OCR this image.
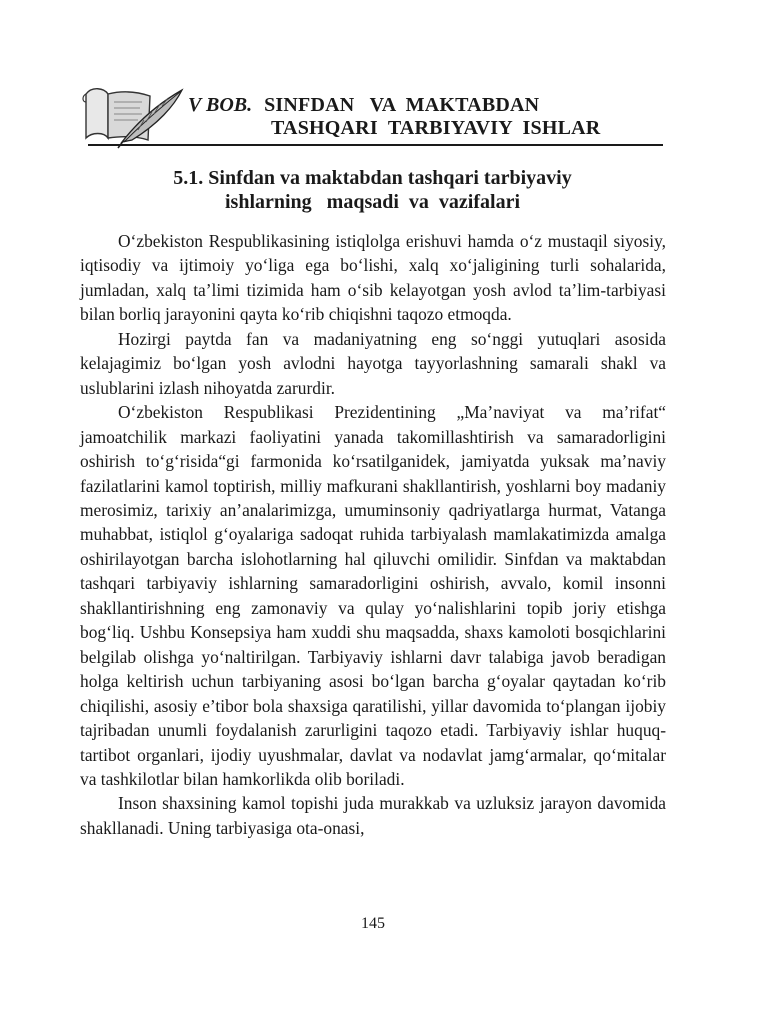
V BOB. SINFDAN   VA  MAKTABDAN
TASHQARI  TARBIYAVIY  ISHLAR
5.1. Sinfdan va maktabdan tashqari tarbiyaviy
ishlarning   maqsadi  va  vazifalari

O‘zbekiston Respublikasining istiqlolga erishuvi hamda o‘z mustaqil siyosiy, iqtisodiy va ijtimoiy yo‘liga ega bo‘lishi, xalq xo‘jaligining turli sohalarida, jumladan, xalq ta’limi tizimida ham o‘sib kelayotgan yosh avlod ta’lim-tarbiyasi bilan borliq jarayonini qayta ko‘rib chiqishni taqozo etmoqda.

Hozirgi paytda fan va madaniyatning eng so‘nggi yutuqlari asosida kelajagimiz bo‘lgan yosh avlodni hayotga tayyorlashning samarali shakl va uslublarini izlash nihoyatda zarurdir.

O‘zbekiston Respublikasi Prezidentining „Ma’naviyat va ma’rifat“ jamoatchilik markazi faoliyatini yanada takomillashtirish va samaradorligini oshirish to‘g‘risida“gi farmonida ko‘rsatilganidek, jamiyatda yuksak ma’naviy fazilatlarini kamol toptirish, milliy mafkurani shakllantirish, yoshlarni boy madaniy merosimiz, tarixiy an’analarimizga, umuminsoniy qadriyatlarga hurmat, Vatanga muhabbat, istiqlol g‘oyalariga sadoqat ruhida tarbiyalash mamlakatimizda amalga oshirilayotgan barcha islohotlarning hal qiluvchi omilidir. Sinfdan va maktabdan tashqari tarbiyaviy ishlarning samaradorligini oshirish, avvalo, komil insonni shakllantirishning eng zamonaviy va qulay yo‘nalishlarini topib joriy etishga bog‘liq. Ushbu Konsepsiya ham xuddi shu maqsadda, shaxs kamoloti bosqichlarini belgilab olishga yo‘naltirilgan. Tarbiyaviy ishlarni davr talabiga javob beradigan holga keltirish uchun tarbiyaning asosi bo‘lgan barcha g‘oyalar qaytadan ko‘rib chiqilishi, asosiy e’tibor bola shaxsiga qaratilishi, yillar davomida to‘plangan ijobiy tajribadan unumli foydalanish zarurligini taqozo etadi. Tarbiyaviy ishlar huquq-tartibot organlari, ijodiy uyushmalar, davlat va nodavlat jamg‘armalar, qo‘mitalar va tashkilotlar bilan hamkorlikda olib boriladi.

Inson shaxsining kamol topishi juda murakkab va uzluksiz jarayon davomida shakllanadi. Uning tarbiyasiga ota-onasi,

145
